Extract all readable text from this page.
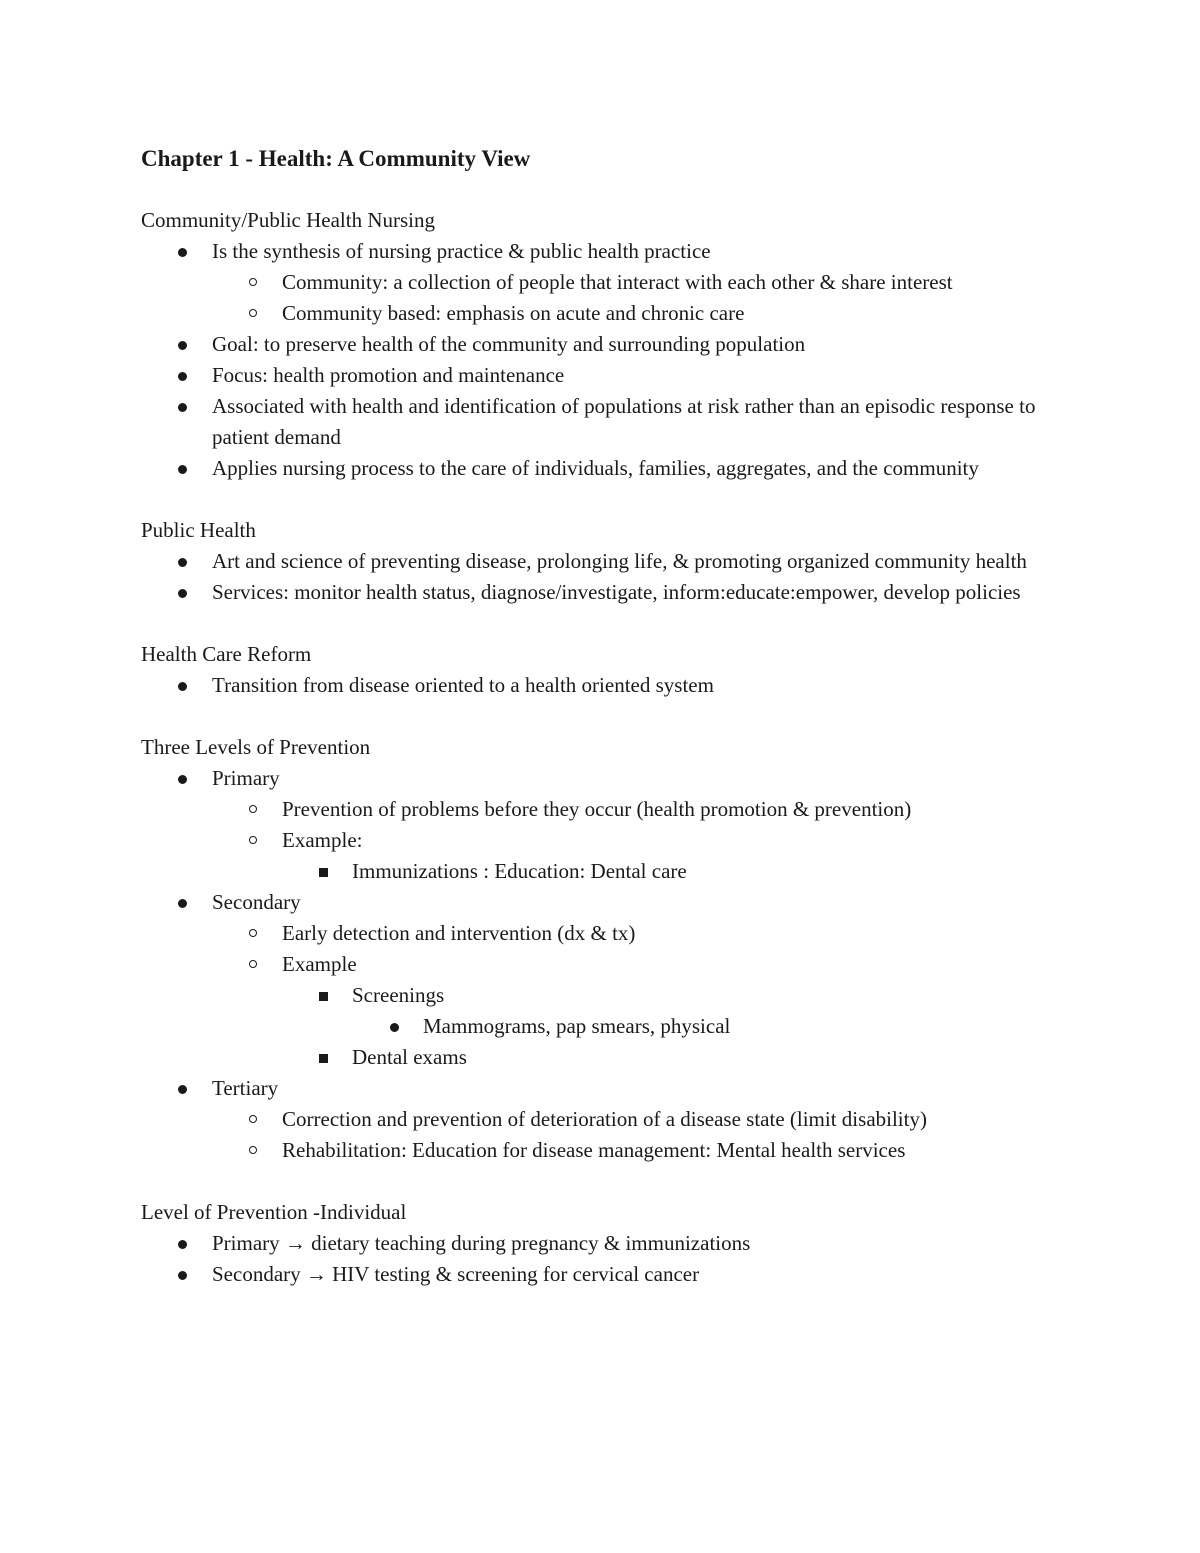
Chapter 1 - Health: A Community View

Community/Public Health Nursing

Is the synthesis of nursing practice & public health practice
Community: a collection of people that interact with each other & share interest
Community based: emphasis on acute and chronic care
Goal: to preserve health of the community and surrounding population
Focus: health promotion and maintenance
Associated with health and identification of populations at risk rather than an episodic response to patient demand
Applies nursing process to the care of individuals, families, aggregates, and the community

Public Health

Art and science of preventing disease, prolonging life, & promoting organized community health
Services: monitor health status, diagnose/investigate, inform:educate:empower, develop policies

Health Care Reform

Transition from disease oriented to a health oriented system

Three Levels of Prevention

Primary
Prevention of problems before they occur (health promotion & prevention)
Example:
Immunizations : Education: Dental care
Secondary
Early detection and intervention (dx & tx)
Example
Screenings
Mammograms, pap smears, physical
Dental exams
Tertiary
Correction and prevention of deterioration of a disease state (limit disability)
Rehabilitation: Education for disease management: Mental health services

Level of Prevention -Individual

Primary → dietary teaching during pregnancy & immunizations
Secondary → HIV testing & screening for cervical cancer
